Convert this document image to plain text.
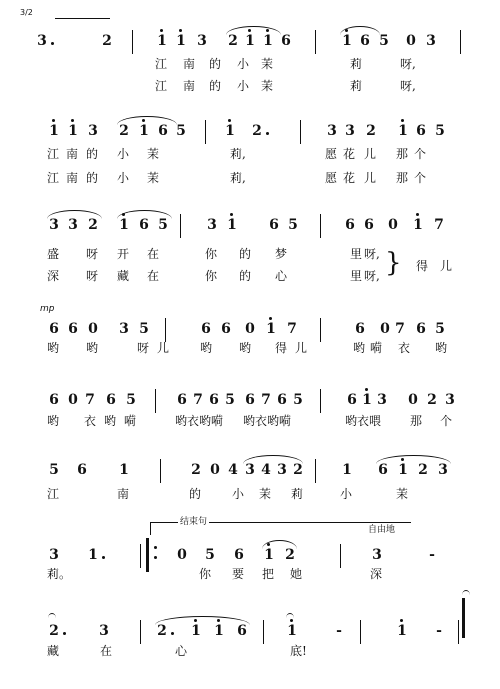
3/2
} 得 儿
mp
结束句
自由地
3	2	1 1 3 2 1 1 6	1 6 5 0 3
1 1 3 2 1 6 5	1 2	3 3 2 1 6 5
3 3 2 1 6 5	3 1 6 5	6 6 0 1 7
6 6 0 3 5	6 6 0 1 7	6 0 7 6 5
6 0 7 6 5	6 7 6 5 6 7 6 5	6 1 3 0 2 3
5 6 1	2 0 4 3 4 3 2	1 6 1 2 3
3 1	0 5 6 1 2	3	-
2	3	2 1 1 6	1	-	1 -
江 南 的 小 茉	莉	呀,
江 南 的 小 茉	莉	呀,
江 南 的 小 茉	莉,	愿 花 儿 那 个
江 南 的 小 茉	莉,	愿 花 儿 那 个
盛 呀 开 在	你 的 梦	里 呀,
深 呀 藏 在	你 的 心	里 呀,
哟 哟	呀 儿	哟 哟 得 儿	哟	衣 哟
嗬
哟 衣 哟 嗬	哟衣哟嗬 哟衣哟嗬	哟衣喂 那 个
江	南	的	小 茉 莉	小	茉
莉。	你 要 把 她	深
藏	在	心	底!
